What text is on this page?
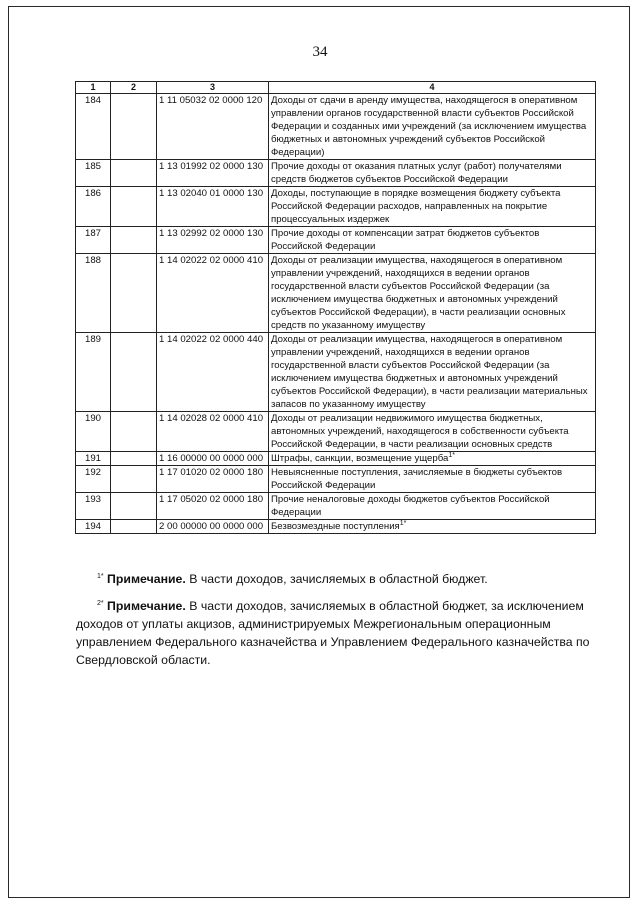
34
1	2	3	4
184		1 11 05032 02 0000 120	Доходы от сдачи в аренду имущества, находящегося в оперативном управлении органов государственной власти субъектов Российской Федерации и созданных ими учреждений (за исключением имущества бюджетных и автономных учреждений субъектов Российской Федерации)
185		1 13 01992 02 0000 130	Прочие доходы от оказания платных услуг (работ) получателями средств бюджетов субъектов Российской Федерации
186		1 13 02040 01 0000 130	Доходы, поступающие в порядке возмещения бюджету субъекта Российской Федерации расходов, направленных на покрытие процессуальных издержек
187		1 13 02992 02 0000 130	Прочие доходы от компенсации затрат бюджетов субъектов Российской Федерации
188		1 14 02022 02 0000 410	Доходы от реализации имущества, находящегося в оперативном управлении учреждений, находящихся в ведении органов государственной власти субъектов Российской Федерации (за исключением имущества бюджетных и автономных учреждений субъектов Российской Федерации), в части реализации основных средств по указанному имуществу
189		1 14 02022 02 0000 440	Доходы от реализации имущества, находящегося в оперативном управлении учреждений, находящихся в ведении органов государственной власти субъектов Российской Федерации (за исключением имущества бюджетных и автономных учреждений субъектов Российской Федерации), в части реализации материальных запасов по указанному имуществу
190		1 14 02028 02 0000 410	Доходы от реализации недвижимого имущества бюджетных, автономных учреждений, находящегося в собственности субъекта Российской Федерации, в части реализации основных средств
191		1 16 00000 00 0000 000	Штрафы, санкции, возмещение ущерба$^{1*}$
192		1 17 01020 02 0000 180	Невыясненные поступления, зачисляемые в бюджеты субъектов Российской Федерации
193		1 17 05020 02 0000 180	Прочие неналоговые доходы бюджетов субъектов Российской Федерации
194		2 00 00000 00 0000 000	Безвозмездные поступления$^{1*}$

$^{1*}$ Примечание. В части доходов, зачисляемых в областной бюджет.

$^{2*}$ Примечание. В части доходов, зачисляемых в областной бюджет, за исключением доходов от уплаты акцизов, администрируемых Межрегиональным операционным управлением Федерального казначейства и Управлением Федерального казначейства по Свердловской области.
